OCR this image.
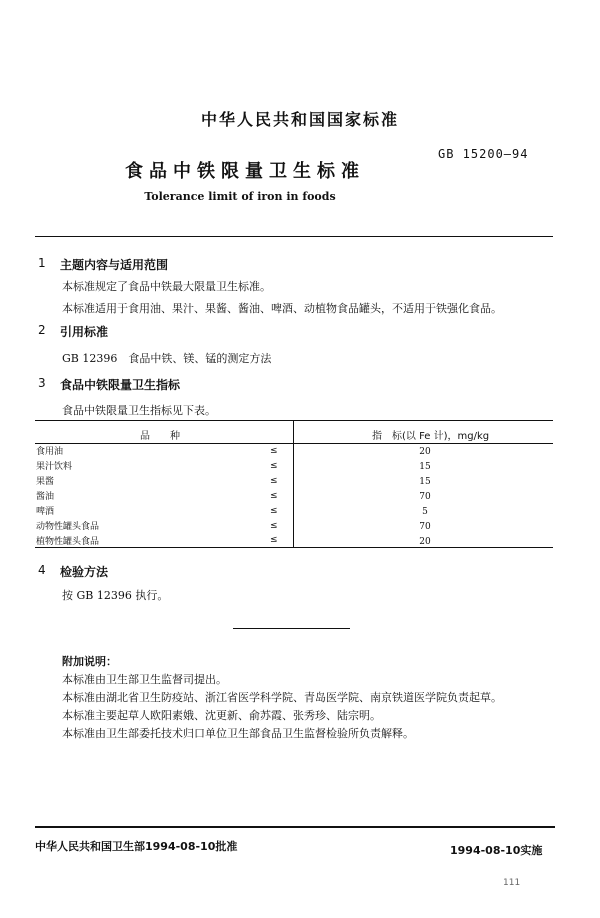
中华人民共和国国家标准
GB 15200—94
食品中铁限量卫生标准
Tolerance limit of iron in foods
1 主题内容与适用范围
本标准规定了食品中铁最大限量卫生标准。
本标准适用于食用油、果汁、果酱、酱油、啤酒、动植物食品罐头，不适用于铁强化食品。
2 引用标准
GB 12396　食品中铁、镁、锰的测定方法
3 食品中铁限量卫生指标
食品中铁限量卫生指标见下表。
品　　种	指　标(以 Fe 计)，mg/kg
食用油	≤	20
果汁饮料	≤	15
果酱	≤	15
酱油	≤	70
啤酒	≤	5
动物性罐头食品	≤	70
植物性罐头食品	≤	20
4 检验方法
按 GB 12396 执行。
附加说明：
本标准由卫生部卫生监督司提出。
本标准由湖北省卫生防疫站、浙江省医学科学院、青岛医学院、南京铁道医学院负责起草。
本标准主要起草人欧阳素娥、沈更新、俞苏霞、张秀珍、陆宗明。
本标准由卫生部委托技术归口单位卫生部食品卫生监督检验所负责解释。
中华人民共和国卫生部1994-08-10批准	1994-08-10实施
111
